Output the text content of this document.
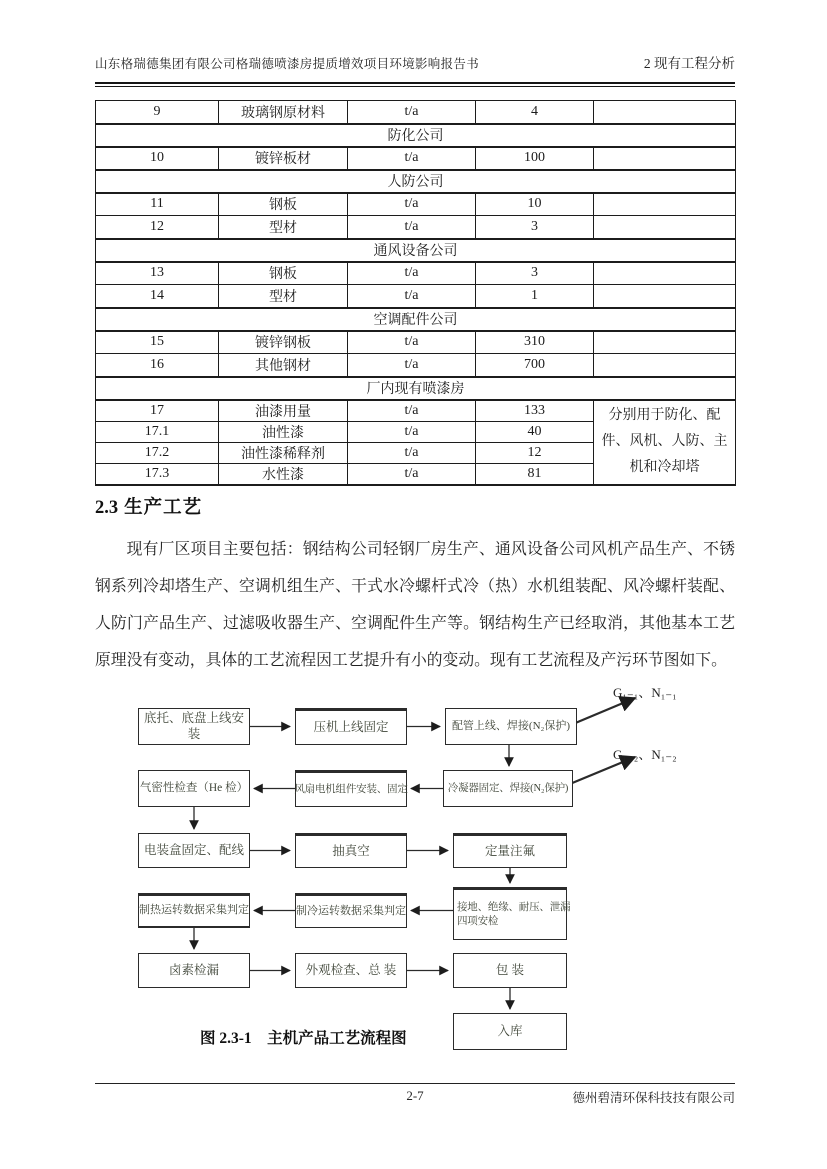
山东格瑞德集团有限公司格瑞德喷漆房提质增效项目环境影响报告书	2 现有工程分析
9	玻璃钢原材料	t/a	4	
防化公司				
10	镀锌板材	t/a	100	
人防公司				
11	钢板	t/a	10	
12	型材	t/a	3	
通风设备公司				
13	钢板	t/a	3	
14	型材	t/a	1	
空调配件公司				
15	镀锌钢板	t/a	310	
16	其他钢材	t/a	700	
厂内现有喷漆房				
17	油漆用量	t/a	133	分别用于防化、配件、风机、人防、主机和冷却塔
17.1	油性漆	t/a	40	
17.2	油性漆稀释剂	t/a	12	
17.3	水性漆	t/a	81	
2.3 生产工艺
现有厂区项目主要包括：钢结构公司轻钢厂房生产、通风设备公司风机产品生产、不锈钢系列冷却塔生产、空调机组生产、干式水冷螺杆式冷（热）水机组装配、风冷螺杆装配、人防门产品生产、过滤吸收器生产、空调配件生产等。钢结构生产已经取消，其他基本工艺原理没有变动，具体的工艺流程因工艺提升有小的变动。现有工艺流程及产污环节图如下。
底托、底盘上线安装	压机上线固定	配管上线、焊接(N₂保护)
气密性检查（He 检）	风扇电机组件安装、固定	冷凝器固定、焊接(N₂保护)
电装盒固定、配线	抽真空	定量注氟
接地、绝缘、耐压、泄漏
四项安检
制冷运转数据采集判定
制热运转数据采集判定
卤素检漏	外观检查、总 装	包 装
入库
G₁₋₁、N₁₋₁
G₁₋₂、N₁₋₂
图 2.3-1　主机产品工艺流程图
2-7	德州碧清环保科技技有限公司
